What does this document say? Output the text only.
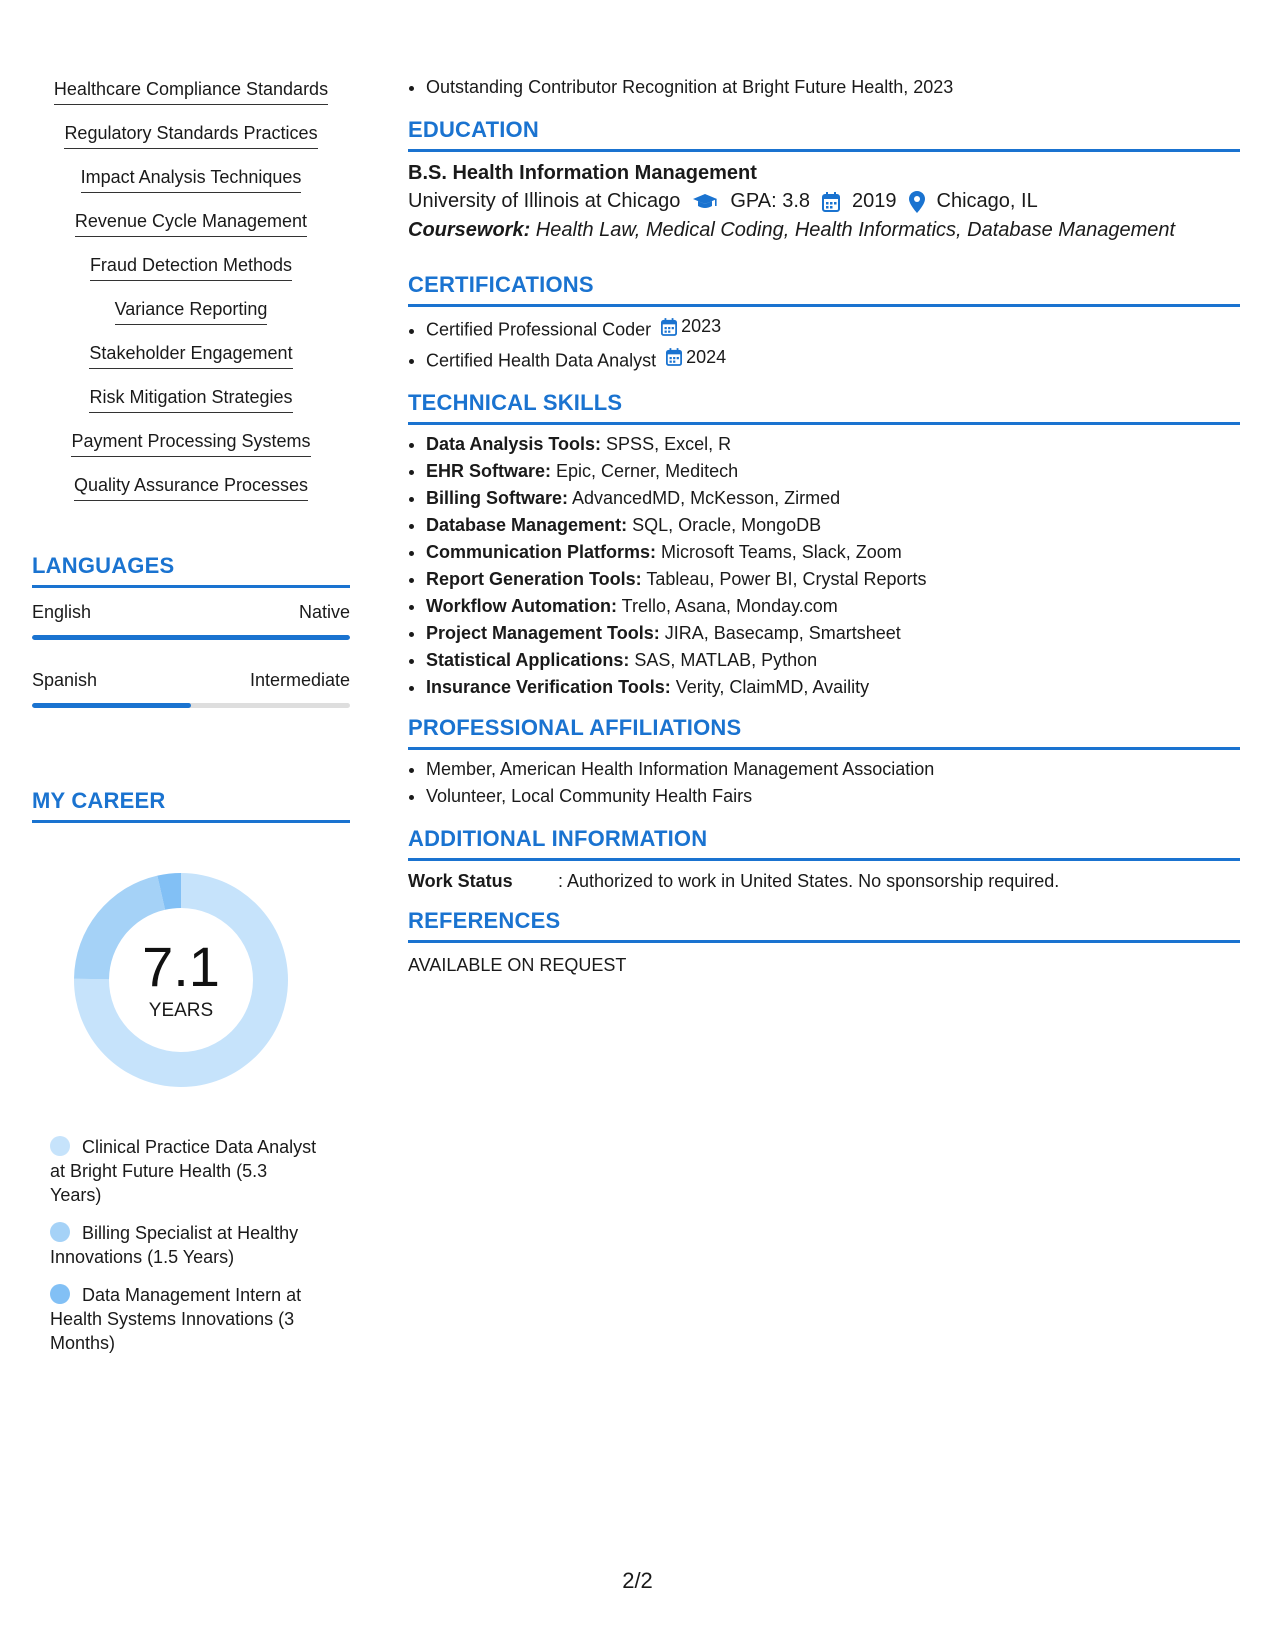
Healthcare Compliance Standards
Regulatory Standards Practices
Impact Analysis Techniques
Revenue Cycle Management
Fraud Detection Methods
Variance Reporting
Stakeholder Engagement
Risk Mitigation Strategies
Payment Processing Systems
Quality Assurance Processes
LANGUAGES
English	Native
Spanish	Intermediate
MY CAREER
7.1
YEARS
Clinical Practice Data Analyst at Bright Future Health (5.3 Years)
Billing Specialist at Healthy Innovations (1.5 Years)
Data Management Intern at Health Systems Innovations (3 Months)
• Outstanding Contributor Recognition at Bright Future Health, 2023
EDUCATION
B.S. Health Information Management
University of Illinois at Chicago	GPA: 3.8 2019 Chicago, IL
Coursework: Health Law, Medical Coding, Health Informatics, Database Management
CERTIFICATIONS
• Certified Professional Coder 2023
• Certified Health Data Analyst 2024
TECHNICAL SKILLS
• Data Analysis Tools: SPSS, Excel, R
• EHR Software: Epic, Cerner, Meditech
• Billing Software: AdvancedMD, McKesson, Zirmed
• Database Management: SQL, Oracle, MongoDB
• Communication Platforms: Microsoft Teams, Slack, Zoom
• Report Generation Tools: Tableau, Power BI, Crystal Reports
• Workflow Automation: Trello, Asana, Monday.com
• Project Management Tools: JIRA, Basecamp, Smartsheet
• Statistical Applications: SAS, MATLAB, Python
• Insurance Verification Tools: Verity, ClaimMD, Availity
PROFESSIONAL AFFILIATIONS
• Member, American Health Information Management Association
• Volunteer, Local Community Health Fairs
ADDITIONAL INFORMATION
Work Status	: Authorized to work in United States. No sponsorship required.
REFERENCES
AVAILABLE ON REQUEST
2/2
